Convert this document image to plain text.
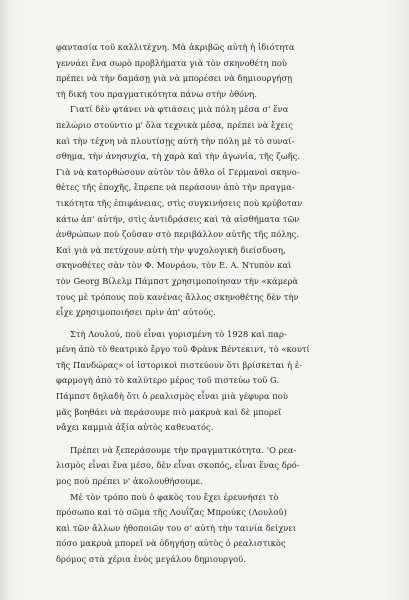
φαντασία τοῦ καλλιτέχνη. Μὰ ἀκριβῶς αὐτὴ ἡ ἰδιότητα
γεννάει ἕνα σωρὸ προβλήματα γιὰ τὸν σκηνοθέτη ποὺ
πρέπει νὰ τὴν δαμάσῃ γιὰ νὰ μπορέσει νὰ δημιουργήσῃ
τὴ δική του πραγματικότητα πάνω στὴν ὀθόνη.

Γιατί δὲν φτάνει νὰ φτιάσεις μιὰ πόλη μέσα σ' ἕνα
πελώριο στούντιο μ' ὅλα τεχνικὰ μέσα, πρέπει νὰ ἔχεις
καὶ τὴν τέχνη νὰ πλουτίσῃς αὐτὴ τὴν πόλη μὲ τὸ συναί-
σθημα, τὴν ἀνησυχία, τὴ χαρὰ καὶ τὴν ἀγωνία, τῆς ζωῆς.
Γιὰ νὰ κατορθώσουν αὐτὸν τὸν ἄθλο οἱ Γερμανοὶ σκηνο-
θέτες τῆς ἐποχῆς, ἔπρεπε νὰ περάσουν ἀπὸ τὴν πραγμα-
τικότητα τῆς ἐπιφάνειας, στὶς συγκινήσεις ποὺ κρύβοταν
κάτω ἀπ' αὐτήν, στὶς ἀντιδράσεις καὶ τὰ αἰσθήματα τῶν
ἀνθρώπων ποὺ ζοῦσαν στὸ περιβάλλον αὐτῆς τῆς πόλης.
Καὶ γιὰ νὰ πετύχουν αὐτὴ τὴν ψυχολογικὴ διείσδυση,
σκηνοθέτες σὰν τὸν Φ. Μονράου, τὸν Ε. Α. Ντυπὸν καὶ
τὸν Georg Βίλελμ Πάμπστ χρησιμοποίησαν τὴν «κάμερὰ
τους μὲ τρόπους ποὺ κανένας ἄλλος σκηνοθέτης δὲν τὴν
εἶχε χρησιμοποιήσει πρὶν ἀπ' αὐτούς.

Στὴ Λουλού, ποὺ εἶναι γυρισμένη τὸ 1928 καὶ παρ-
μένη ἀπὸ τὸ θεατρικὸ ἔργο τοῦ Φρὰνκ Βέντεκιντ, τὸ «κουτί
τῆς Πανδώρας» οἱ ἱστορικοὶ πιστεύουν ὅτι βρίσκεται ἡ ἐ-
φαρμογὴ ἀπὸ τὸ καλύτερο μέρος τοῦ πιστεύω τοῦ G.
Πάμπστ δηλαδὴ ὅτι ὁ ρεαλισμὸς εἶναι μιὰ γέφυρα ποὺ
μᾶς βοηθάει νὰ περάσουμε πιὸ μακρυὰ καὶ δὲ μπορεῖ
νἄχει καμμιὰ ἀξία αὐτὸς καθευατός.

Πρέπει νὰ ξεπεράσουμε τὴν πραγματικότητα. 'Ο ρεα-
λισμὸς εἶναι ἕνα μέσο, δὲν εἶναι σκοπός, εἶναι ἕνας δρό-
μος ποὺ πρέπει ν' ἀκολουθήσουμε.

Μὲ τὸν τρόπο ποὺ ὁ φακὸς του ἔχει ἐρευνήσει τὸ
πρόσωπο καὶ τὸ σῶμα τῆς Λουΐζας Μπρούκς (Λουλοῦ)
καὶ τῶν ἄλλων ἡθοποιῶν του σ' αὐτὴ τὴν ταινία δείχνει
πόσο μακρυὰ μπορεῖ νὰ ὁδηγήσῃ αὐτὸς ὁ ρεαλιστικὸς
δρόμος στὰ χέρια ἑνὸς μεγάλου δημιουργοῦ.
